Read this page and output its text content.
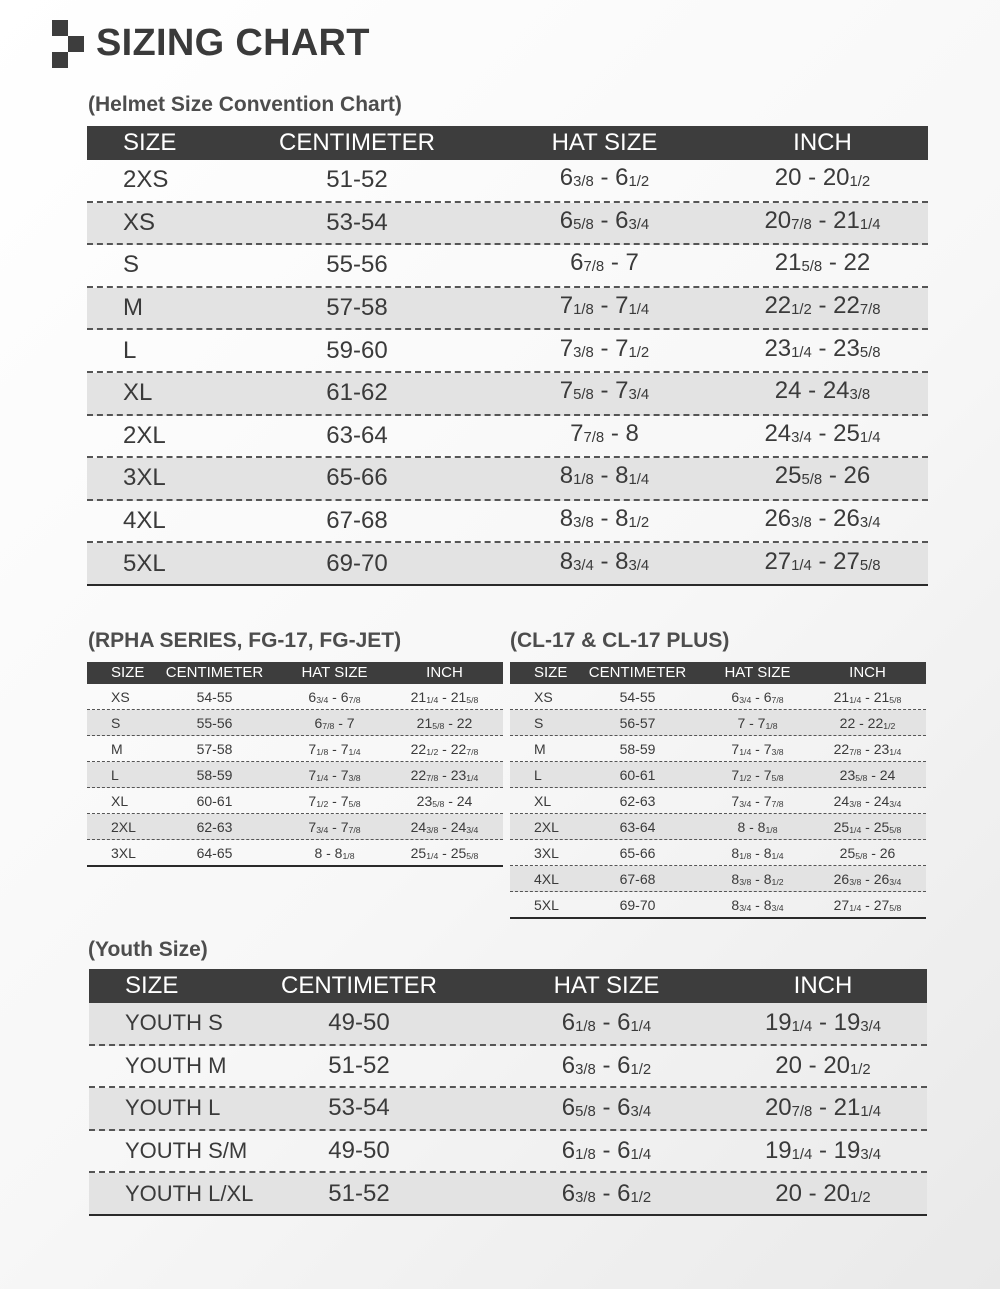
SIZING CHART
(Helmet Size Convention Chart)
SIZE	CENTIMETER	HAT SIZE	INCH
2XS	51-52	$6_{3/8} - 6_{1/2}$	$20 - 20_{1/2}$
XS	53-54	$6_{5/8} - 6_{3/4}$	$20_{7/8} - 21_{1/4}$
S	55-56	$6_{7/8} - 7$	$21_{5/8} - 22$
M	57-58	$7_{1/8} - 7_{1/4}$	$22_{1/2} - 22_{7/8}$
L	59-60	$7_{3/8} - 7_{1/2}$	$23_{1/4} - 23_{5/8}$
XL	61-62	$7_{5/8} - 7_{3/4}$	$24 - 24_{3/8}$
2XL	63-64	$7_{7/8} - 8$	$24_{3/4} - 25_{1/4}$
3XL	65-66	$8_{1/8} - 8_{1/4}$	$25_{5/8} - 26$
4XL	67-68	$8_{3/8} - 8_{1/2}$	$26_{3/8} - 26_{3/4}$
5XL	69-70	$8_{3/4} - 8_{3/4}$	$27_{1/4} - 27_{5/8}$
(RPHA SERIES, FG-17, FG-JET)
SIZE	CENTIMETER	HAT SIZE	INCH
XS	54-55	$6_{3/4} - 6_{7/8}$	$21_{1/4} - 21_{5/8}$
S	55-56	$6_{7/8} - 7$	$21_{5/8} - 22$
M	57-58	$7_{1/8} - 7_{1/4}$	$22_{1/2} - 22_{7/8}$
L	58-59	$7_{1/4} - 7_{3/8}$	$22_{7/8} - 23_{1/4}$
XL	60-61	$7_{1/2} - 7_{5/8}$	$23_{5/8} - 24$
2XL	62-63	$7_{3/4} - 7_{7/8}$	$24_{3/8} - 24_{3/4}$
3XL	64-65	$8 - 8_{1/8}$	$25_{1/4} - 25_{5/8}$
(CL-17 & CL-17 PLUS)
SIZE	CENTIMETER	HAT SIZE	INCH
XS	54-55	$6_{3/4} - 6_{7/8}$	$21_{1/4} - 21_{5/8}$
S	56-57	$7 - 7_{1/8}$	$22 - 22_{1/2}$
M	58-59	$7_{1/4} - 7_{3/8}$	$22_{7/8} - 23_{1/4}$
L	60-61	$7_{1/2} - 7_{5/8}$	$23_{5/8} - 24$
XL	62-63	$7_{3/4} - 7_{7/8}$	$24_{3/8} - 24_{3/4}$
2XL	63-64	$8 - 8_{1/8}$	$25_{1/4} - 25_{5/8}$
3XL	65-66	$8_{1/8} - 8_{1/4}$	$25_{5/8} - 26$
4XL	67-68	$8_{3/8} - 8_{1/2}$	$26_{3/8} - 26_{3/4}$
5XL	69-70	$8_{3/4} - 8_{3/4}$	$27_{1/4} - 27_{5/8}$
(Youth Size)
SIZE	CENTIMETER	HAT SIZE	INCH
YOUTH S	49-50	$6_{1/8} - 6_{1/4}$	$19_{1/4} - 19_{3/4}$
YOUTH M	51-52	$6_{3/8} - 6_{1/2}$	$20 - 20_{1/2}$
YOUTH L	53-54	$6_{5/8} - 6_{3/4}$	$20_{7/8} - 21_{1/4}$
YOUTH S/M	49-50	$6_{1/8} - 6_{1/4}$	$19_{1/4} - 19_{3/4}$
YOUTH L/XL	51-52	$6_{3/8} - 6_{1/2}$	$20 - 20_{1/2}$
